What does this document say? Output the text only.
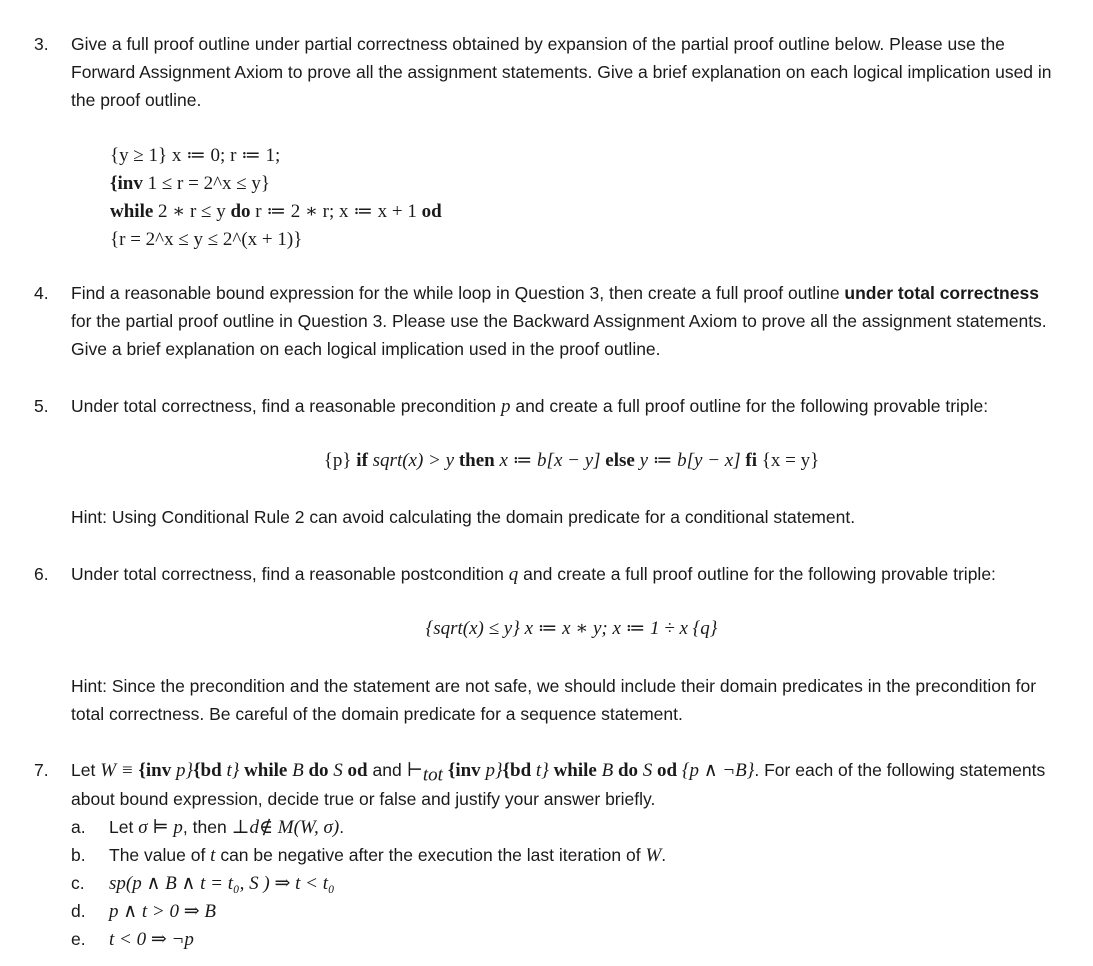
3.	Give a full proof outline under partial correctness obtained by expansion of the partial proof outline below. Please use the Forward Assignment Axiom to prove all the assignment statements. Give a brief explanation on each logical implication used in the proof outline.
{y ≥ 1} x ≔ 0; r ≔ 1;
{inv 1 ≤ r = 2^x ≤ y}
while 2 ∗ r ≤ y do r ≔ 2 ∗ r; x ≔ x + 1 od
{r = 2^x ≤ y ≤ 2^(x + 1)}
4.	Find a reasonable bound expression for the while loop in Question 3, then create a full proof outline under total correctness for the partial proof outline in Question 3. Please use the Backward Assignment Axiom to prove all the assignment statements. Give a brief explanation on each logical implication used in the proof outline.
5.	Under total correctness, find a reasonable precondition p and create a full proof outline for the following provable triple:
{p} if sqrt(x) > y then x ≔ b[x − y] else y ≔ b[y − x] fi {x = y}
Hint: Using Conditional Rule 2 can avoid calculating the domain predicate for a conditional statement.
6.	Under total correctness, find a reasonable postcondition q and create a full proof outline for the following provable triple:
{sqrt(x) ≤ y} x ≔ x ∗ y; x ≔ 1 ÷ x {q}
Hint: Since the precondition and the statement are not safe, we should include their domain predicates in the precondition for total correctness. Be careful of the domain predicate for a sequence statement.
7.	Let W ≡ {inv p}{bd t} while B do S od and $⊢_{tot}$ {inv p}{bd t} while B do S od {p ∧ ¬B}. For each of the following statements about bound expression, decide true or false and justify your answer briefly.
a. Let σ ⊨ p, then ⊥d∉ M(W, σ).
b. The value of t can be negative after the execution the last iteration of W.
c. sp(p ∧ B ∧ t = t₀, S ) ⇒ t < t₀
d. p ∧ t > 0 ⇒ B
e. t < 0 ⇒ ¬p
